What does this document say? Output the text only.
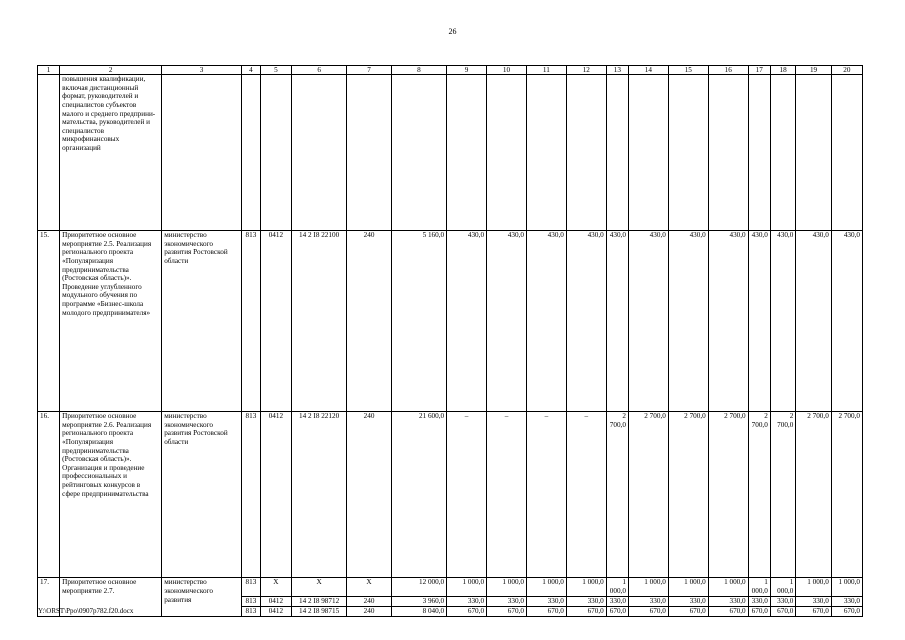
26
1	2	3	4	5	6	7	8	9	10	11	12	13	14	15	16	17	18	19	20
	повышения квалификации, включая дистанционный формат, руководителей и специалистов субъектов малого и среднего предприни-мательства, руководителей и специалистов микрофинансовых организаций																		
15.	Приоритетное основное мероприятие 2.5. Реализация регионального проекта «Популяризация предпринимательства (Ростовская область)». Проведение углубленного модульного обучения по программе «Бизнес-школа молодого предпринимателя»	министерство экономического развития Ростовской области	813	0412	14 2 I8 22100	240	5 160,0	430,0	430,0	430,0	430,0	430,0	430,0	430,0	430,0	430,0	430,0	430,0	430,0
16.	Приоритетное основное мероприятие 2.6. Реализация регионального проекта «Популяризация предпринимательства (Ростовская область)». Организация и проведение профессиональных и рейтинговых конкурсов в сфере предпринимательства	министерство экономического развития Ростовской области	813	0412	14 2 I8 22120	240	21 600,0	–	–	–	–	2 700,0	2 700,0	2 700,0	2 700,0	2 700,0	2 700,0	2 700,0	2 700,0
17.	Приоритетное основное мероприятие 2.7.	министерство экономического развития	813	X	X	X	12 000,0	1 000,0	1 000,0	1 000,0	1 000,0	1 000,0	1 000,0	1 000,0	1 000,0	1 000,0	1 000,0	1 000,0	1 000,0
			813	0412	14 2 I8 98712	240	3 960,0	330,0	330,0	330,0	330,0	330,0	330,0	330,0	330,0	330,0	330,0	330,0	330,0
			813	0412	14 2 I8 98715	240	8 040,0	670,0	670,0	670,0	670,0	670,0	670,0	670,0	670,0	670,0	670,0	670,0	670,0
Y:\ORST\Ppo\0907p782.f20.docx
